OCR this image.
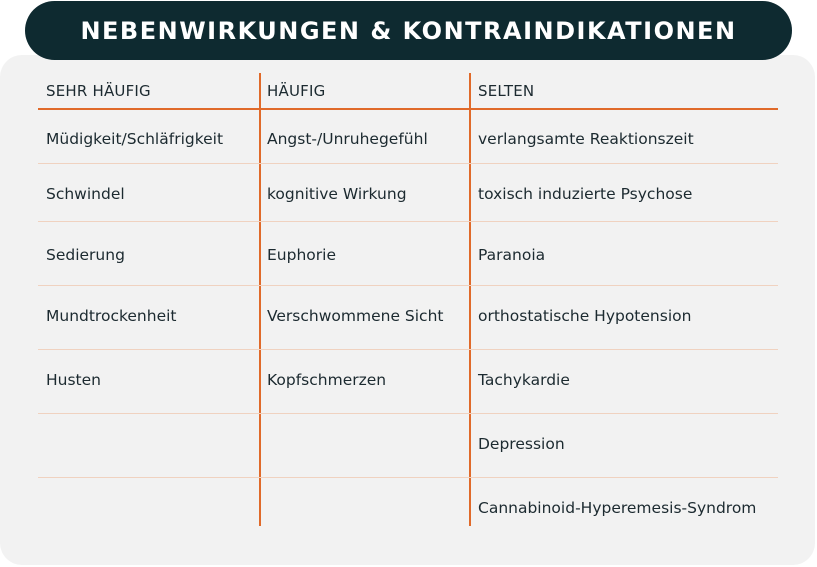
NEBENWIRKUNGEN & KONTRAINDIKATIONEN
SEHR HÄUFIG	HÄUFIG	SELTEN
Müdigkeit/Schläfrigkeit
Schwindel
Sedierung
Mundtrockenheit
Husten
Angst-/Unruhegefühl
kognitive Wirkung
Euphorie
Verschwommene Sicht
Kopfschmerzen
verlangsamte Reaktionszeit
toxisch induzierte Psychose
Paranoia
orthostatische Hypotension
Tachykardie
Depression
Cannabinoid-Hyperemesis-Syndrom
